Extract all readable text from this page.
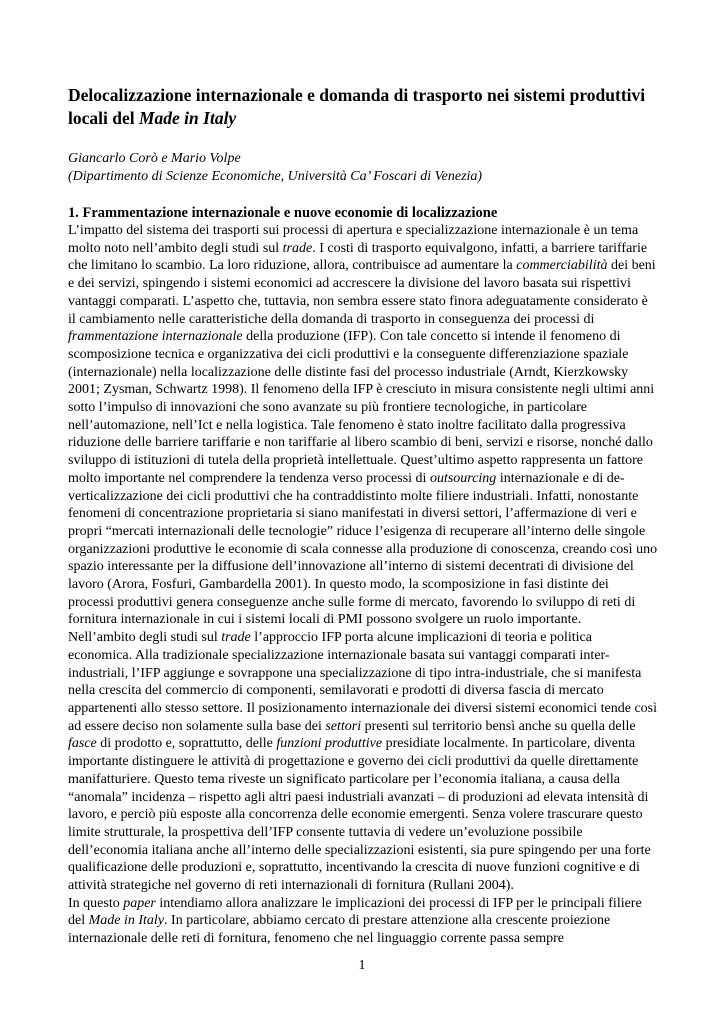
Delocalizzazione internazionale e domanda di trasporto nei sistemi produttivi locali del Made in Italy

Giancarlo Corò e Mario Volpe

(Dipartimento di Scienze Economiche, Università Ca’ Foscari di Venezia)

1. Frammentazione internazionale e nuove economie di localizzazione

L’impatto del sistema dei trasporti sui processi di apertura e specializzazione internazionale è un tema molto noto nell’ambito degli studi sul trade. I costi di trasporto equivalgono, infatti, a barriere tariffarie che limitano lo scambio. La loro riduzione, allora, contribuisce ad aumentare la commerciabilità dei beni e dei servizi, spingendo i sistemi economici ad accrescere la divisione del lavoro basata sui rispettivi vantaggi comparati. L’aspetto che, tuttavia, non sembra essere stato finora adeguatamente considerato è il cambiamento nelle caratteristiche della domanda di trasporto in conseguenza dei processi di frammentazione internazionale della produzione (IFP). Con tale concetto si intende il fenomeno di scomposizione tecnica e organizzativa dei cicli produttivi e la conseguente differenziazione spaziale (internazionale) nella localizzazione delle distinte fasi del processo industriale (Arndt, Kierzkowsky 2001; Zysman, Schwartz 1998). Il fenomeno della IFP è cresciuto in misura consistente negli ultimi anni sotto l’impulso di innovazioni che sono avanzate su più frontiere tecnologiche, in particolare nell’automazione, nell’Ict e nella logistica. Tale fenomeno è stato inoltre facilitato dalla progressiva riduzione delle barriere tariffarie e non tariffarie al libero scambio di beni, servizi e risorse, nonché dallo sviluppo di istituzioni di tutela della proprietà intellettuale. Quest’ultimo aspetto rappresenta un fattore molto importante nel comprendere la tendenza verso processi di outsourcing internazionale e di de-verticalizzazione dei cicli produttivi che ha contraddistinto molte filiere industriali. Infatti, nonostante fenomeni di concentrazione proprietaria si siano manifestati in diversi settori, l’affermazione di veri e propri “mercati internazionali delle tecnologie” riduce l’esigenza di recuperare all’interno delle singole organizzazioni produttive le economie di scala connesse alla produzione di conoscenza, creando così uno spazio interessante per la diffusione dell’innovazione all’interno di sistemi decentrati di divisione del lavoro (Arora, Fosfuri, Gambardella 2001). In questo modo, la scomposizione in fasi distinte dei processi produttivi genera conseguenze anche sulle forme di mercato, favorendo lo sviluppo di reti di fornitura internazionale in cui i sistemi locali di PMI possono svolgere un ruolo importante.

Nell’ambito degli studi sul trade l’approccio IFP porta alcune implicazioni di teoria e politica economica. Alla tradizionale specializzazione internazionale basata sui vantaggi comparati inter-industriali, l’IFP aggiunge e sovrappone una specializzazione di tipo intra-industriale, che si manifesta nella crescita del commercio di componenti, semilavorati e prodotti di diversa fascia di mercato appartenenti allo stesso settore. Il posizionamento internazionale dei diversi sistemi economici tende così ad essere deciso non solamente sulla base dei settori presenti sul territorio bensì anche su quella delle fasce di prodotto e, soprattutto, delle funzioni produttive presidiate localmente. In particolare, diventa importante distinguere le attività di progettazione e governo dei cicli produttivi da quelle direttamente manifatturiere. Questo tema riveste un significato particolare per l’economia italiana, a causa della “anomala” incidenza – rispetto agli altri paesi industriali avanzati – di produzioni ad elevata intensità di lavoro, e perciò più esposte alla concorrenza delle economie emergenti. Senza volere trascurare questo limite strutturale, la prospettiva dell’IFP consente tuttavia di vedere un’evoluzione possibile dell’economia italiana anche all’interno delle specializzazioni esistenti, sia pure spingendo per una forte qualificazione delle produzioni e, soprattutto, incentivando la crescita di nuove funzioni cognitive e di attività strategiche nel governo di reti internazionali di fornitura (Rullani 2004).

In questo paper intendiamo allora analizzare le implicazioni dei processi di IFP per le principali filiere del Made in Italy. In particolare, abbiamo cercato di prestare attenzione alla crescente proiezione internazionale delle reti di fornitura, fenomeno che nel linguaggio corrente passa sempre

1
